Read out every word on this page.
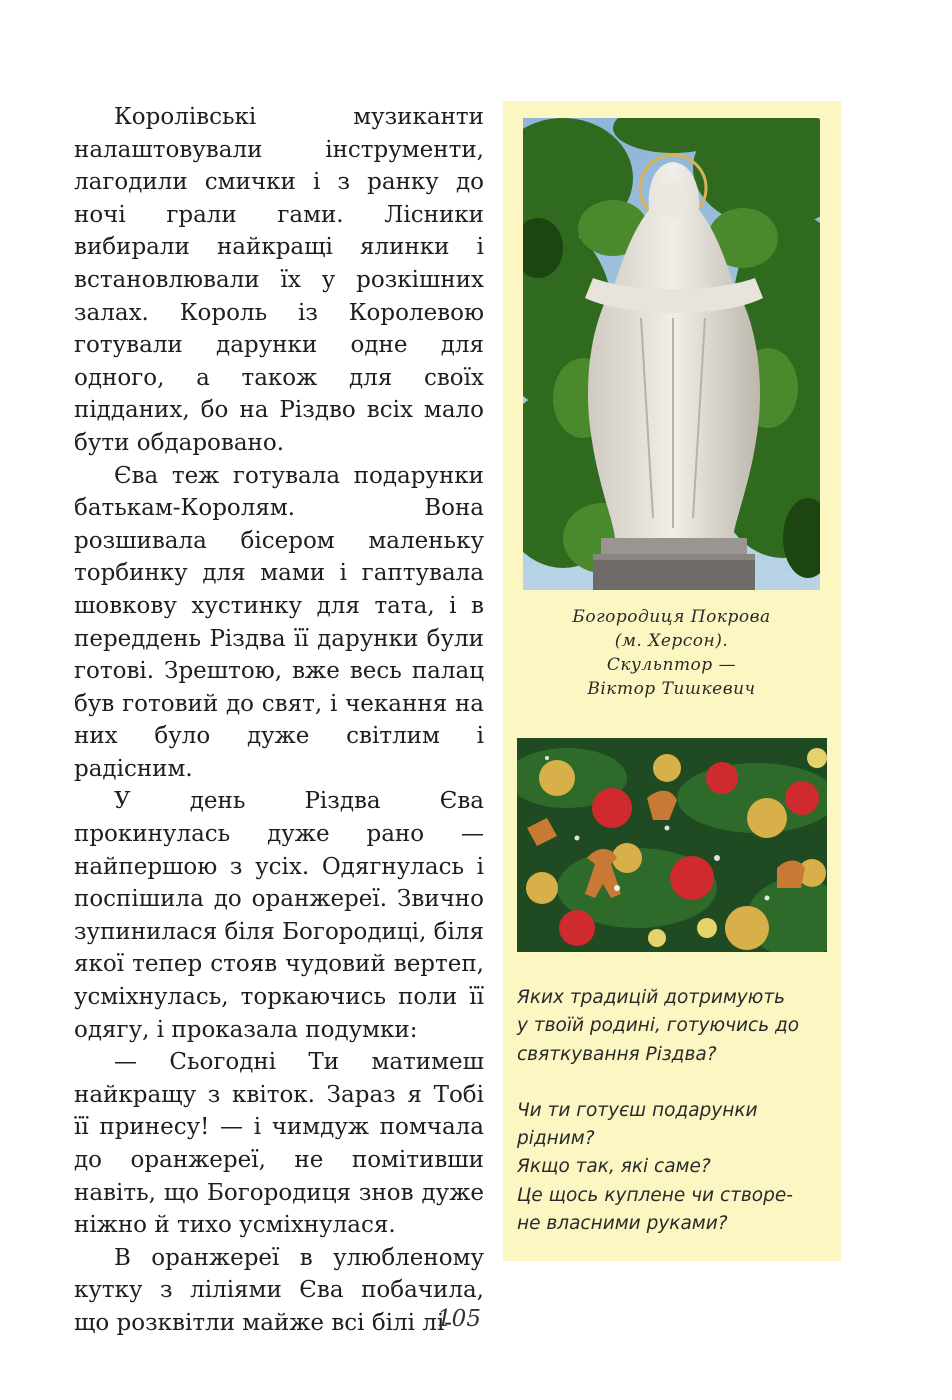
Королівські музиканти налаштовували інструменти, лагодили смички і з ранку до ночі грали гами. Лісники вибирали найкращі ялинки і встановлювали їх у розкішних залах. Король із Королевою готували дарунки одне для одного, а також для своїх підданих, бо на Різдво всіх мало бути обдаровано.

Єва теж готувала подарунки батькам-Королям. Вона розшивала бісером маленьку торбинку для мами і гаптувала шовкову хустинку для тата, і в переддень Різдва її дарунки були готові. Зрештою, вже весь палац був готовий до свят, і чекання на них було дуже світлим і радісним.

У день Різдва Єва прокинулась дуже рано — найпершою з усіх. Одягнулась і поспішила до оранжереї. Звично зупинилася біля Богородиці, біля якої тепер стояв чудовий вертеп, усміхнулась, торкаючись поли її одягу, і проказала подумки:

— Сьогодні Ти матимеш найкращу з квіток. Зараз я Тобі її принесу! — і чимдуж помчала до оранжереї, не помітивши навіть, що Богородиця знов дуже ніжно й тихо усміхнулася.

В оранжереї в улюбленому кутку з ліліями Єва побачила, що розквітли майже всі білі лі-

Богородиця Покрова
(м. Херсон).
Скульптор —
Віктор Тишкевич
Яких традицій дотримують
у твоїй родині, готуючись до
святкування Різдва?
Чи ти готуєш подарунки
рідним?
Якщо так, які саме?
Це щось куплене чи створе-
не власними руками?
105
